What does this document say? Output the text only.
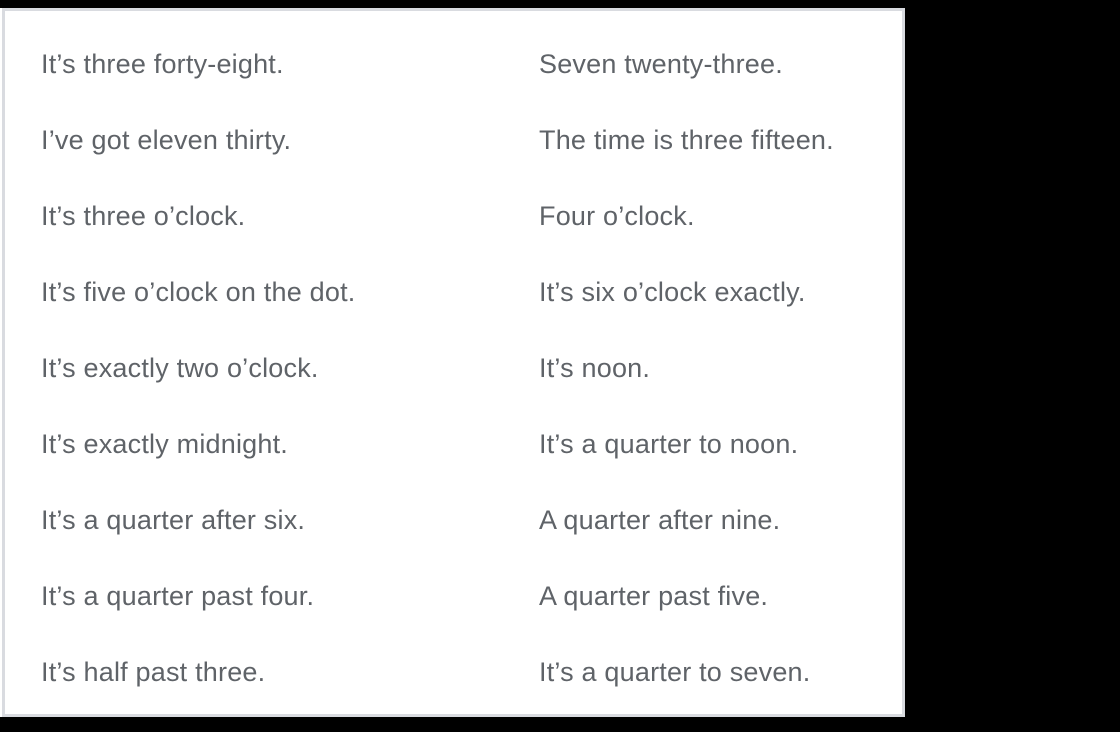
It’s three forty-eight.	Seven twenty-three.
I’ve got eleven thirty.	The time is three fifteen.
It’s three o’clock.	Four o’clock.
It’s five o’clock on the dot.	It’s six o’clock exactly.
It’s exactly two o’clock.	It’s noon.
It’s exactly midnight.	It’s a quarter to noon.
It’s a quarter after six.	A quarter after nine.
It’s a quarter past four.	A quarter past five.
It’s half past three.	It’s a quarter to seven.
